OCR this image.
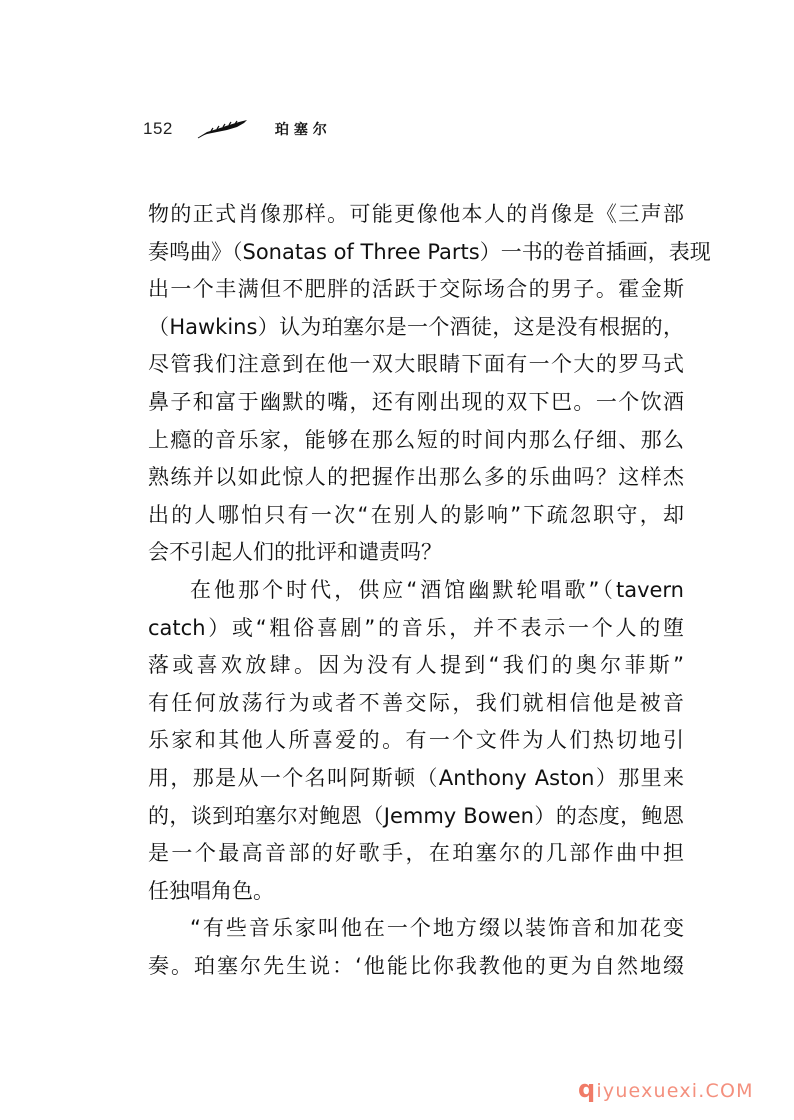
152	珀塞尔
物的正式肖像那样。可能更像他本人的肖像是《三声部
奏鸣曲》（Sonatas of Three Parts）一书的卷首插画，表现
出一个丰满但不肥胖的活跃于交际场合的男子。霍金斯
（Hawkins）认为珀塞尔是一个酒徒，这是没有根据的，
尽管我们注意到在他一双大眼睛下面有一个大的罗马式
鼻子和富于幽默的嘴，还有刚出现的双下巴。一个饮酒
上瘾的音乐家，能够在那么短的时间内那么仔细、那么
熟练并以如此惊人的把握作出那么多的乐曲吗？这样杰
出的人哪怕只有一次“在别人的影响”下疏忽职守，却
会不引起人们的批评和谴责吗？
在他那个时代，供应“酒馆幽默轮唱歌”（tavern
catch）或“粗俗喜剧”的音乐，并不表示一个人的堕
落或喜欢放肆。因为没有人提到“我们的奥尔菲斯”
有任何放荡行为或者不善交际，我们就相信他是被音
乐家和其他人所喜爱的。有一个文件为人们热切地引
用，那是从一个名叫阿斯顿（Anthony Aston）那里来
的，谈到珀塞尔对鲍恩（Jemmy Bowen）的态度，鲍恩
是一个最高音部的好歌手，在珀塞尔的几部作曲中担
任独唱角色。
“有些音乐家叫他在一个地方缀以装饰音和加花变
奏。珀塞尔先生说：‘他能比你我教他的更为自然地缀
qiyuexuexi.COM
